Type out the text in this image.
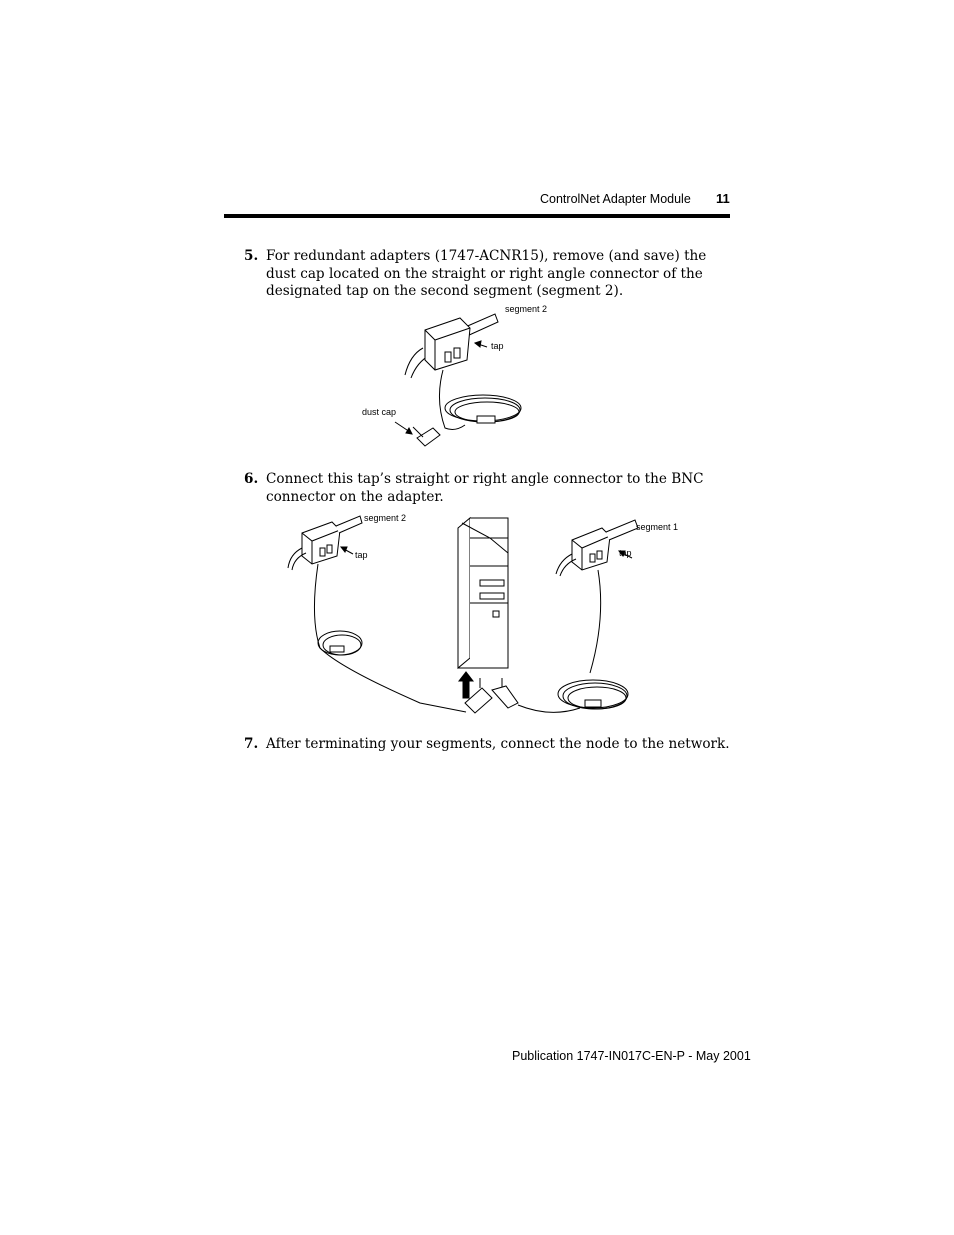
ControlNet Adapter Module 11
5. For redundant adapters (1747-ACNR15), remove (and save) the dust cap located on the straight or right angle connector of the designated tap on the second segment (segment 2).
segment 2
tap
dust cap
6. Connect this tap’s straight or right angle connector to the BNC connector on the adapter.
segment 2
tap
segment 1
tap
7. After terminating your segments, connect the node to the network.
Publication 1747-IN017C-EN-P - May 2001
